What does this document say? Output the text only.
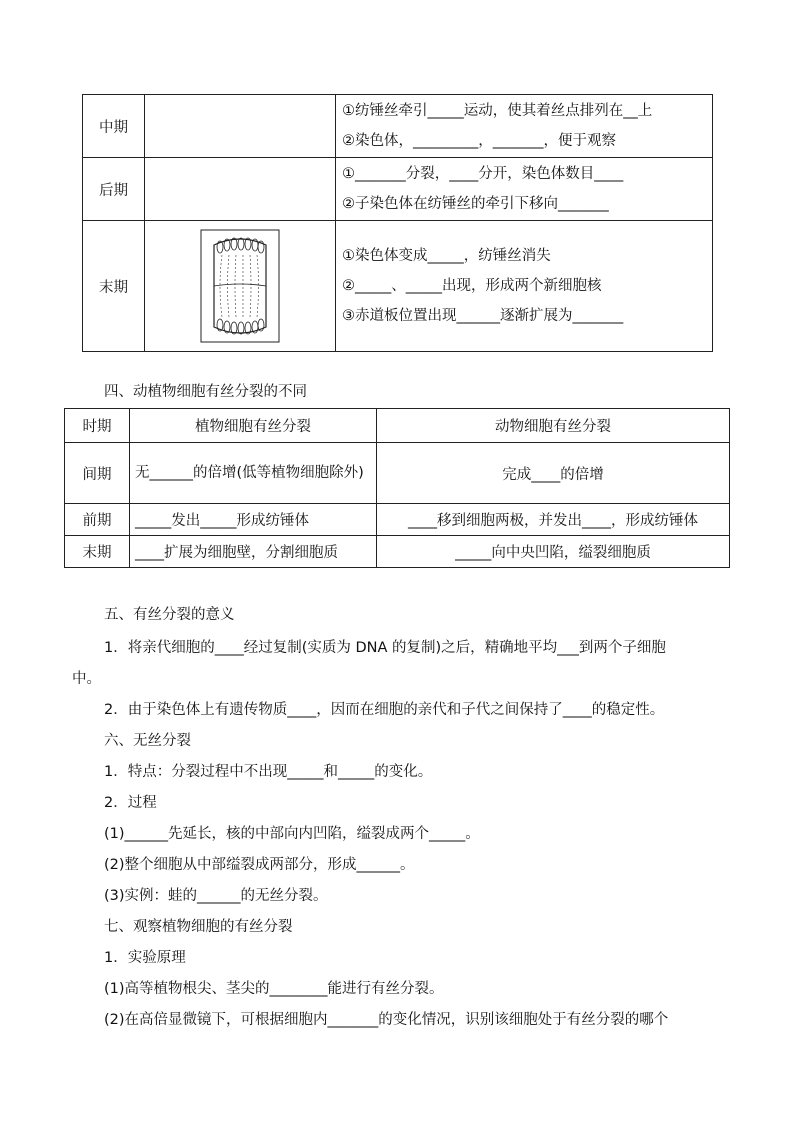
中期		①纺锤丝牵引_____运动，使其着丝点排列在__上
②染色体，_________，_______，便于观察

后期		①_______分裂，____分开，染色体数目____
②子染色体在纺锤丝的牵引下移向_______

末期		①染色体变成_____，纺锤丝消失
②_____、_____出现，形成两个新细胞核
③赤道板位置出现______逐渐扩展为_______
四、动植物细胞有丝分裂的不同
时期	植物细胞有丝分裂	动物细胞有丝分裂
间期	无______的倍增(低等植物细胞除外)	完成____的倍增
前期	_____发出_____形成纺锤体	____移到细胞两极，并发出____，形成纺锤体
末期	____扩展为细胞壁，分割细胞质	_____向中央凹陷，缢裂细胞质
五、有丝分裂的意义
1．将亲代细胞的____经过复制(实质为 DNA 的复制)之后，精确地平均___到两个子细胞
中。
2．由于染色体上有遗传物质____，因而在细胞的亲代和子代之间保持了____的稳定性。
六、无丝分裂
1．特点：分裂过程中不出现_____和_____的变化。
2．过程
(1)______先延长，核的中部向内凹陷，缢裂成两个_____。
(2)整个细胞从中部缢裂成两部分，形成______。
(3)实例：蛙的______的无丝分裂。
七、观察植物细胞的有丝分裂
1．实验原理
(1)高等植物根尖、茎尖的________能进行有丝分裂。
(2)在高倍显微镜下，可根据细胞内_______的变化情况，识别该细胞处于有丝分裂的哪个
